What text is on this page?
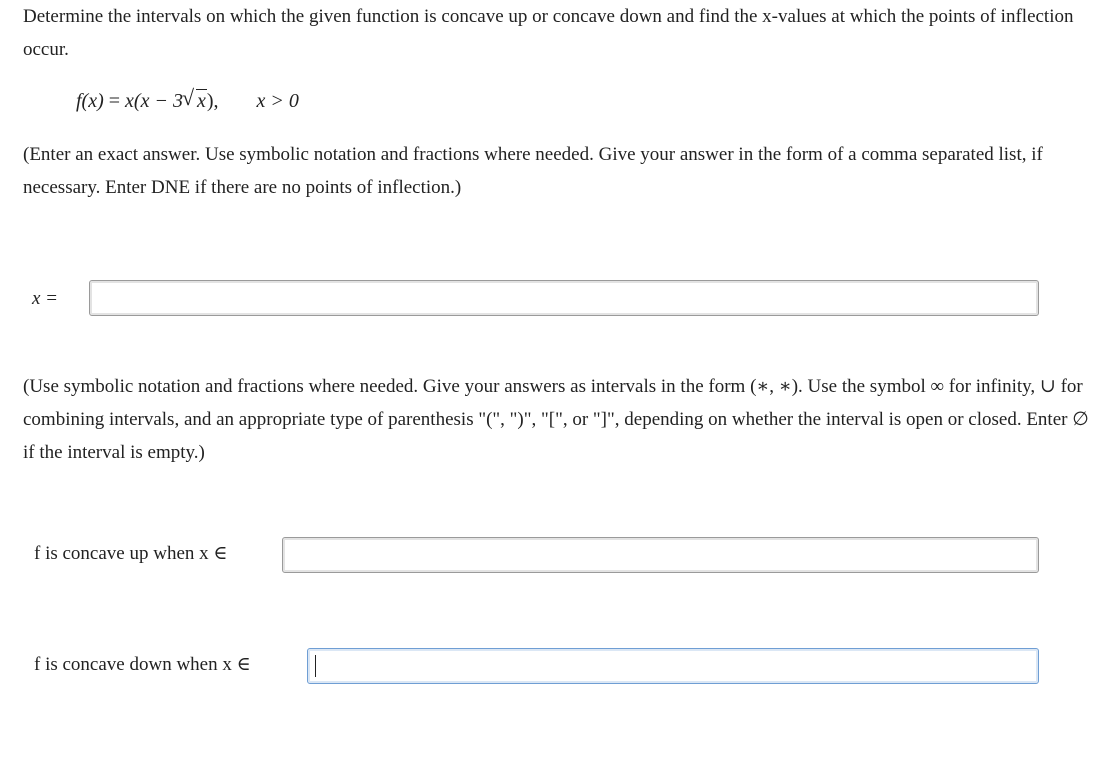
Determine the intervals on which the given function is concave up or concave down and find the x-values at which the points of inflection occur.

f(x) = x(x − 3 √ x), x > 0

(Enter an exact answer. Use symbolic notation and fractions where needed. Give your answer in the form of a comma separated list, if necessary. Enter DNE if there are no points of inflection.)

x =

(Use symbolic notation and fractions where needed. Give your answers as intervals in the form (∗, ∗). Use the symbol ∞ for infinity, ∪ for combining intervals, and an appropriate type of parenthesis "(", ")", "[", or "]", depending on whether the interval is open or closed. Enter ∅ if the interval is empty.)

f is concave up when x ∈
f is concave down when x ∈
